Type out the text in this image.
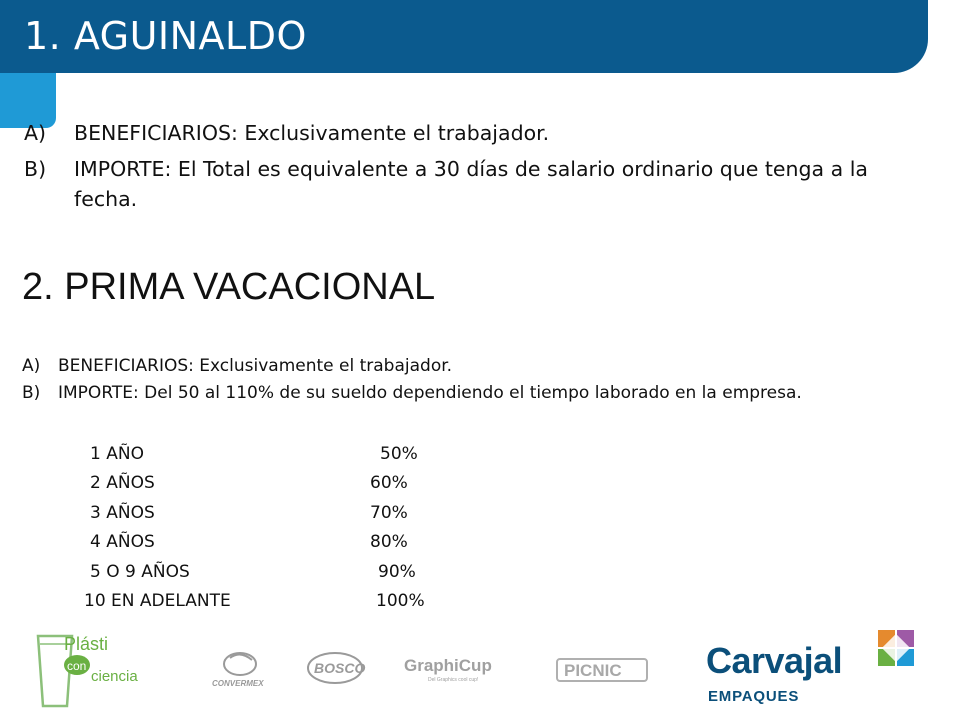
1. AGUINALDO
A)	BENEFICIARIOS: Exclusivamente el trabajador.
B)	IMPORTE: El Total es equivalente a 30 días de salario ordinario que tenga a la fecha.
2. PRIMA VACACIONAL
A)	BENEFICIARIOS: Exclusivamente el trabajador.
B)	IMPORTE: Del 50 al 110% de su sueldo dependiendo el tiempo laborado en la empresa.
1 AÑO	50%
2 AÑOS	60%
3 AÑOS	70%
4 AÑOS	80%
5 O 9 AÑOS	90%
10 EN ADELANTE	100%
Plásti
con
ciencia	CONVERMEX
BOSCO GraphiCup
Del Graphics cool cup!	PICNIC Carvajal
EMPAQUES
